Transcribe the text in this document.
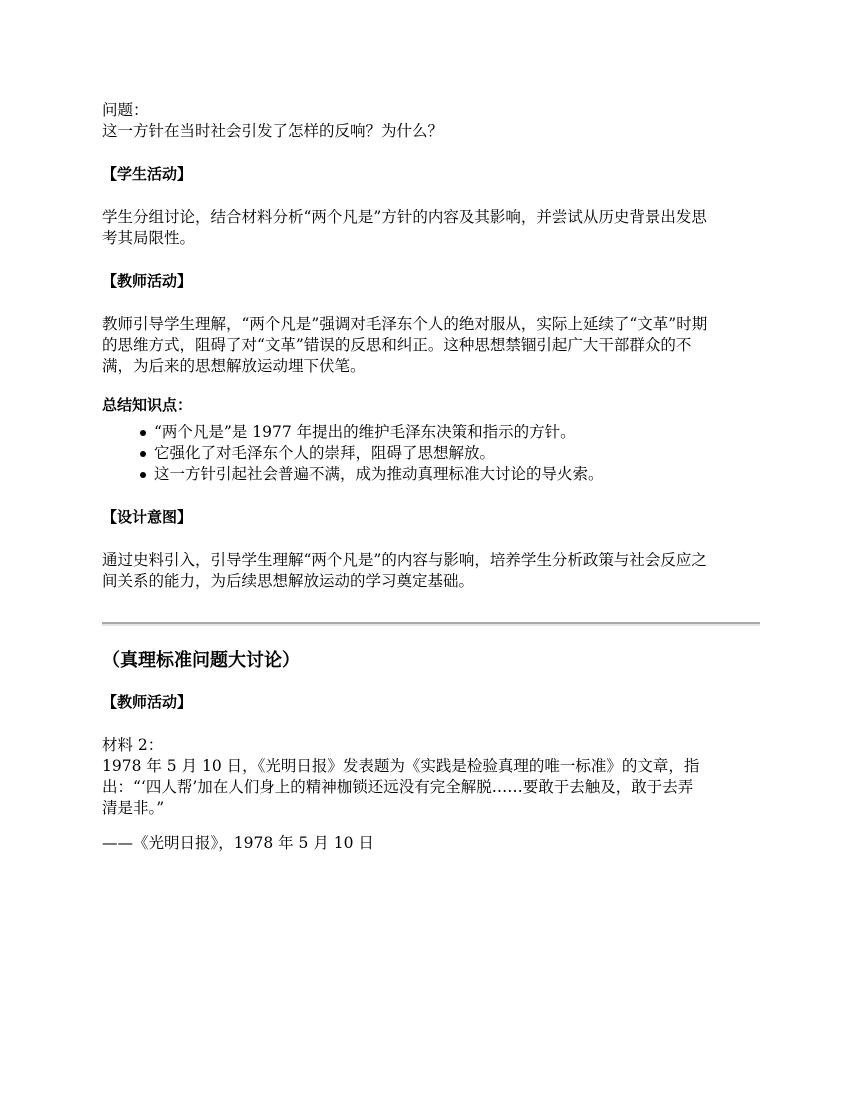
问题：

这一方针在当时社会引发了怎样的反响？为什么？

【学生活动】

学生分组讨论，结合材料分析“两个凡是”方针的内容及其影响，并尝试从历史背景出发思

考其局限性。

【教师活动】

教师引导学生理解，“两个凡是”强调对毛泽东个人的绝对服从，实际上延续了“文革”时期

的思维方式，阻碍了对“文革”错误的反思和纠正。这种思想禁锢引起广大干部群众的不

满，为后来的思想解放运动埋下伏笔。

总结知识点：

“两个凡是”是 1977 年提出的维护毛泽东决策和指示的方针。
它强化了对毛泽东个人的崇拜，阻碍了思想解放。
这一方针引起社会普遍不满，成为推动真理标准大讨论的导火索。

【设计意图】

通过史料引入，引导学生理解“两个凡是”的内容与影响，培养学生分析政策与社会反应之

间关系的能力，为后续思想解放运动的学习奠定基础。

（真理标准问题大讨论）

【教师活动】

材料 2：

1978 年 5 月 10 日，《光明日报》发表题为《实践是检验真理的唯一标准》的文章，指

出：“‘四人帮’加在人们身上的精神枷锁还远没有完全解脱……要敢于去触及，敢于去弄

清是非。”

——《光明日报》，1978 年 5 月 10 日
